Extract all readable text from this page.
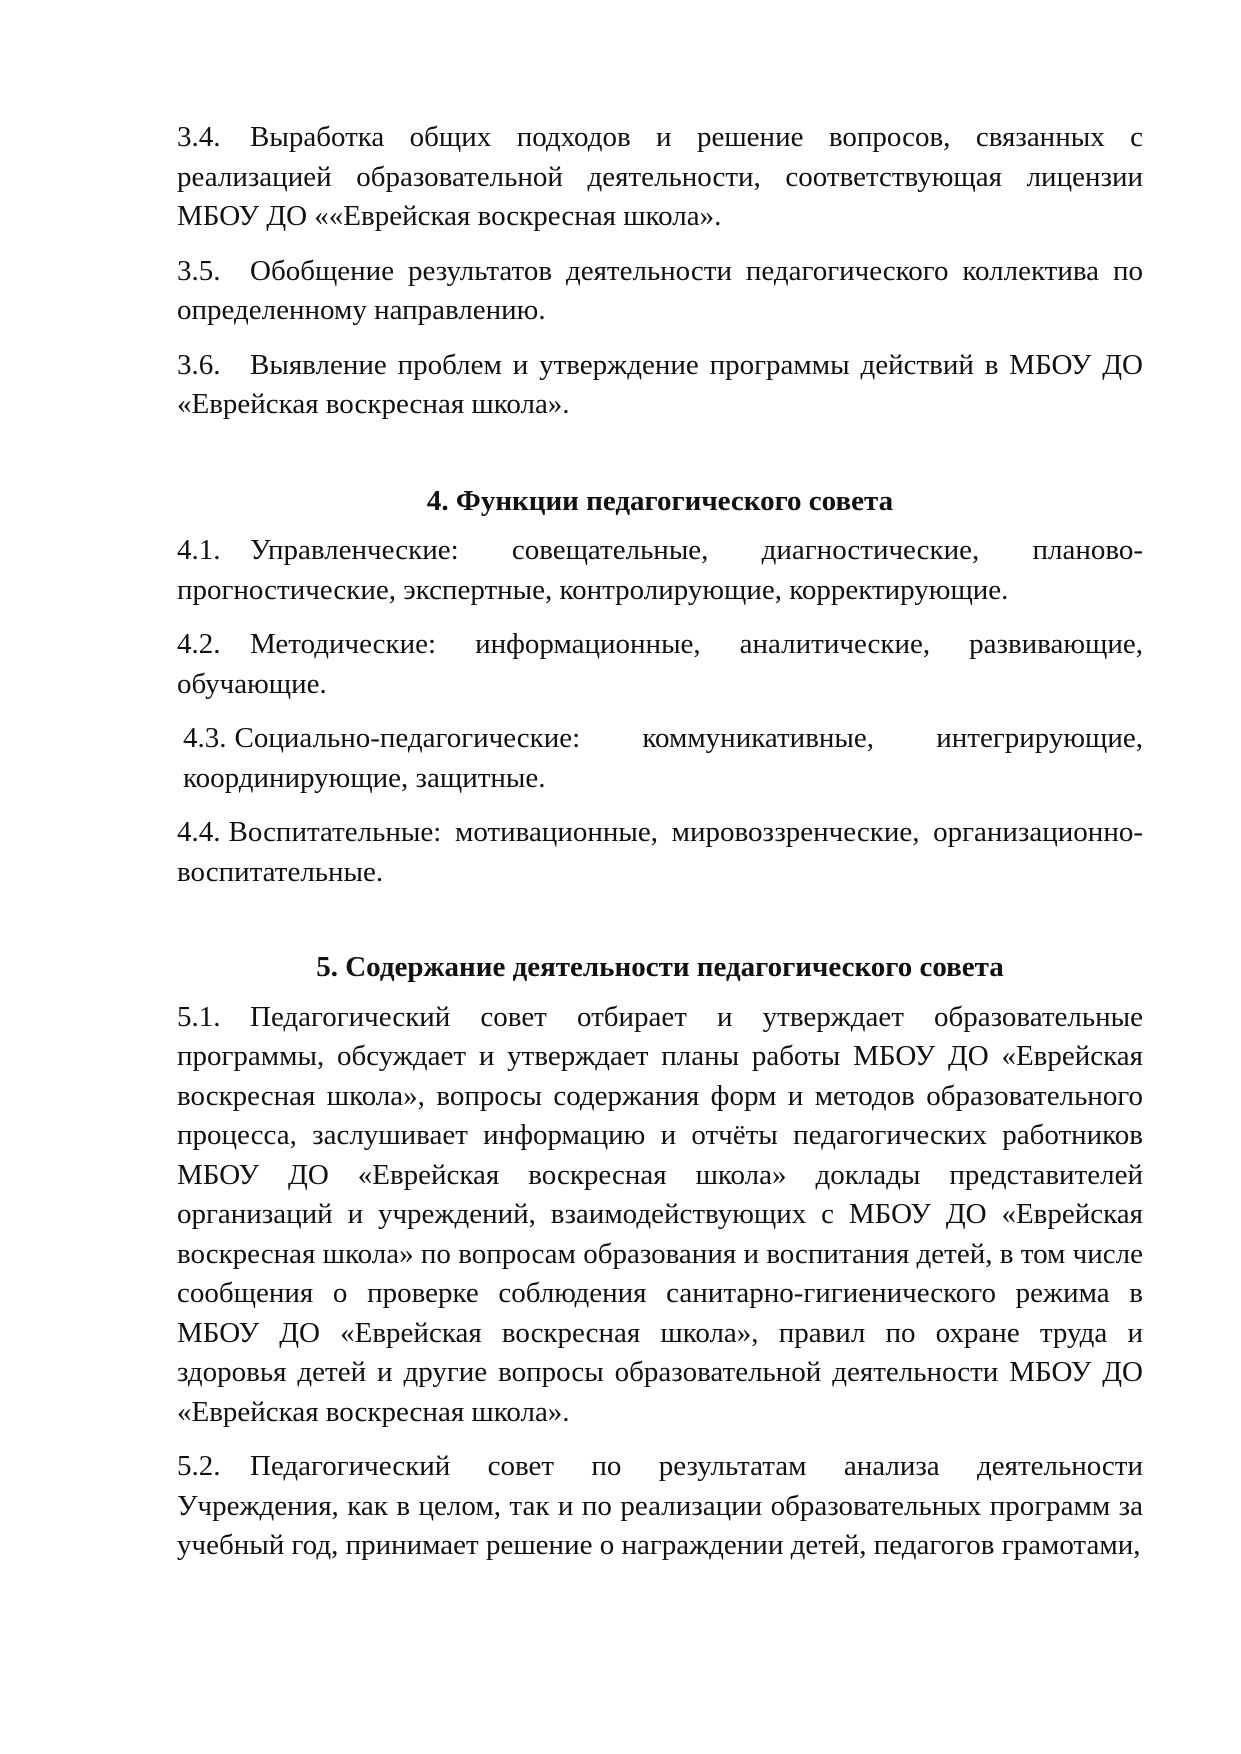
3.4. Выработка общих подходов и решение вопросов, связанных с реализацией образовательной деятельности, соответствующая лицензии МБОУ ДО ««Еврейская воскресная школа».

3.5. Обобщение результатов деятельности педагогического коллектива по определенному направлению.

3.6. Выявление проблем и утверждение программы действий в МБОУ ДО «Еврейская воскресная школа».

4. Функции педагогического совета

4.1. Управленческие: совещательные, диагностические, планово-прогностические, экспертные, контролирующие, корректирующие.

4.2. Методические: информационные, аналитические, развивающие, обучающие.

4.3. Социально-педагогические: коммуникативные, интегрирующие, координирующие, защитные.

4.4. Воспитательные: мотивационные, мировоззренческие, организационно-воспитательные.

5. Содержание деятельности педагогического совета

5.1. Педагогический совет отбирает и утверждает образовательные программы, обсуждает и утверждает планы работы МБОУ ДО «Еврейская воскресная школа», вопросы содержания форм и методов образовательного процесса, заслушивает информацию и отчёты педагогических работников МБОУ ДО «Еврейская воскресная школа» доклады представителей организаций и учреждений, взаимодействующих с МБОУ ДО «Еврейская воскресная школа» по вопросам образования и воспитания детей, в том числе сообщения о проверке соблюдения санитарно-гигиенического режима в МБОУ ДО «Еврейская воскресная школа», правил по охране труда и здоровья детей и другие вопросы образовательной деятельности МБОУ ДО «Еврейская воскресная школа».

5.2. Педагогический совет по результатам анализа деятельности Учреждения, как в целом, так и по реализации образовательных программ за учебный год, принимает решение о награждении детей, педагогов грамотами,
